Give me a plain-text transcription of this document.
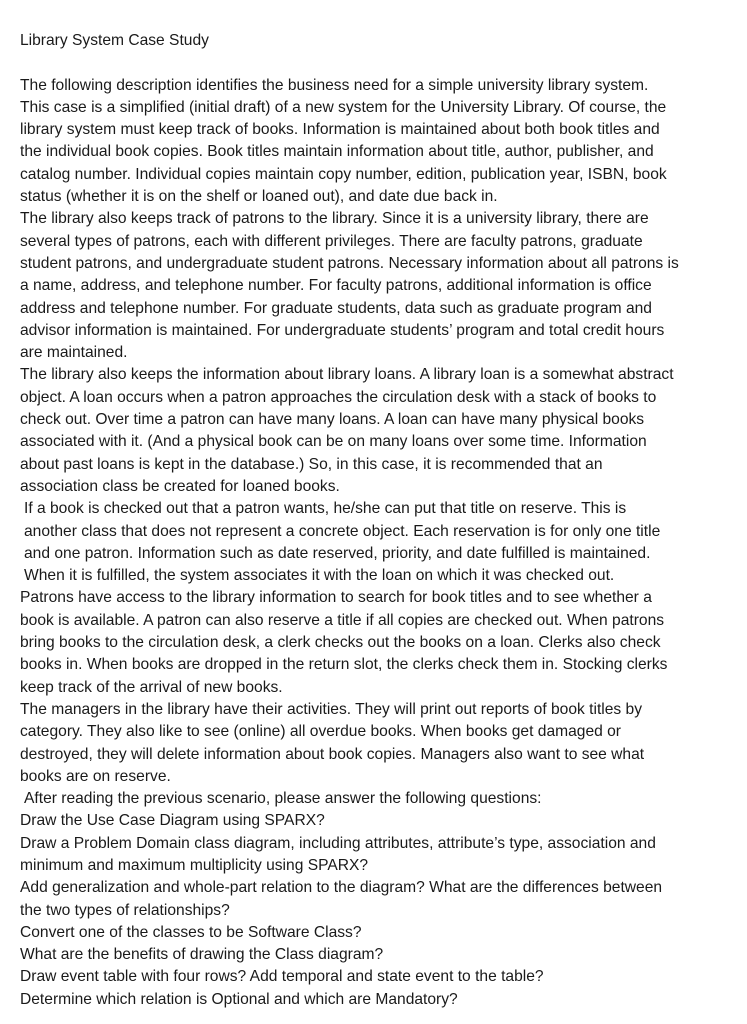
Library System Case Study
The following description identifies the business need for a simple university library system.
This case is a simplified (initial draft) of a new system for the University Library. Of course, the
library system must keep track of books. Information is maintained about both book titles and
the individual book copies. Book titles maintain information about title, author, publisher, and
catalog number. Individual copies maintain copy number, edition, publication year, ISBN, book
status (whether it is on the shelf or loaned out), and date due back in.
The library also keeps track of patrons to the library. Since it is a university library, there are
several types of patrons, each with different privileges. There are faculty patrons, graduate
student patrons, and undergraduate student patrons. Necessary information about all patrons is
a name, address, and telephone number. For faculty patrons, additional information is office
address and telephone number. For graduate students, data such as graduate program and
advisor information is maintained. For undergraduate students’ program and total credit hours
are maintained.
The library also keeps the information about library loans. A library loan is a somewhat abstract
object. A loan occurs when a patron approaches the circulation desk with a stack of books to
check out. Over time a patron can have many loans. A loan can have many physical books
associated with it. (And a physical book can be on many loans over some time. Information
about past loans is kept in the database.) So, in this case, it is recommended that an
association class be created for loaned books.
If a book is checked out that a patron wants, he/she can put that title on reserve. This is
another class that does not represent a concrete object. Each reservation is for only one title
and one patron. Information such as date reserved, priority, and date fulfilled is maintained.
When it is fulfilled, the system associates it with the loan on which it was checked out.
Patrons have access to the library information to search for book titles and to see whether a
book is available. A patron can also reserve a title if all copies are checked out. When patrons
bring books to the circulation desk, a clerk checks out the books on a loan. Clerks also check
books in. When books are dropped in the return slot, the clerks check them in. Stocking clerks
keep track of the arrival of new books.
The managers in the library have their activities. They will print out reports of book titles by
category. They also like to see (online) all overdue books. When books get damaged or
destroyed, they will delete information about book copies. Managers also want to see what
books are on reserve.
After reading the previous scenario, please answer the following questions:
Draw the Use Case Diagram using SPARX?
Draw a Problem Domain class diagram, including attributes, attribute’s type, association and
minimum and maximum multiplicity using SPARX?
Add generalization and whole-part relation to the diagram? What are the differences between
the two types of relationships?
Convert one of the classes to be Software Class?
What are the benefits of drawing the Class diagram?
Draw event table with four rows? Add temporal and state event to the table?
Determine which relation is Optional and which are Mandatory?
